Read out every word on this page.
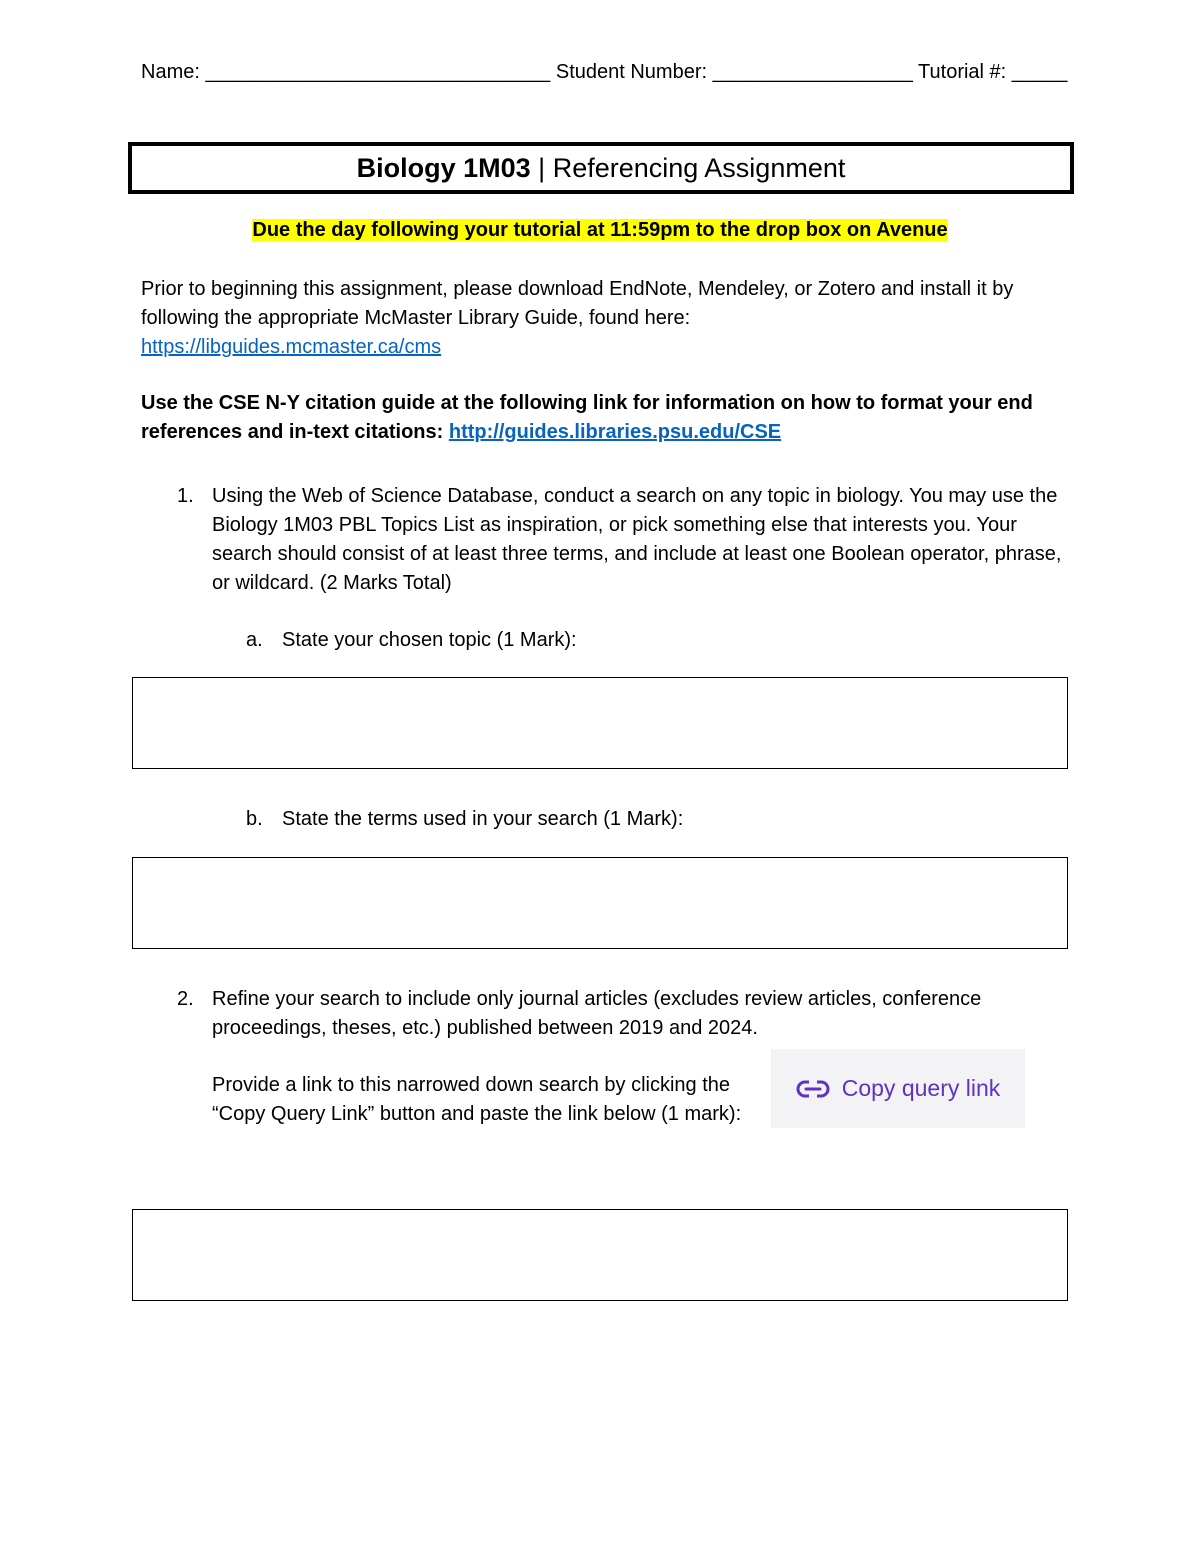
Name: _______________________________ Student Number: __________________ Tutorial #: _____
Biology 1M03 | Referencing Assignment
Due the day following your tutorial at 11:59pm to the drop box on Avenue
Prior to beginning this assignment, please download EndNote, Mendeley, or Zotero and install it by following the appropriate McMaster Library Guide, found here:
https://libguides.mcmaster.ca/cms
Use the CSE N-Y citation guide at the following link for information on how to format your end references and in-text citations: http://guides.libraries.psu.edu/CSE
1. Using the Web of Science Database, conduct a search on any topic in biology. You may use the Biology 1M03 PBL Topics List as inspiration, or pick something else that interests you. Your search should consist of at least three terms, and include at least one Boolean operator, phrase, or wildcard. (2 Marks Total)
a. State your chosen topic (1 Mark):
b. State the terms used in your search (1 Mark):
2. Refine your search to include only journal articles (excludes review articles, conference proceedings, theses, etc.) published between 2019 and 2024.
Provide a link to this narrowed down search by clicking the “Copy Query Link” button and paste the link below (1 mark):
Copy query link
